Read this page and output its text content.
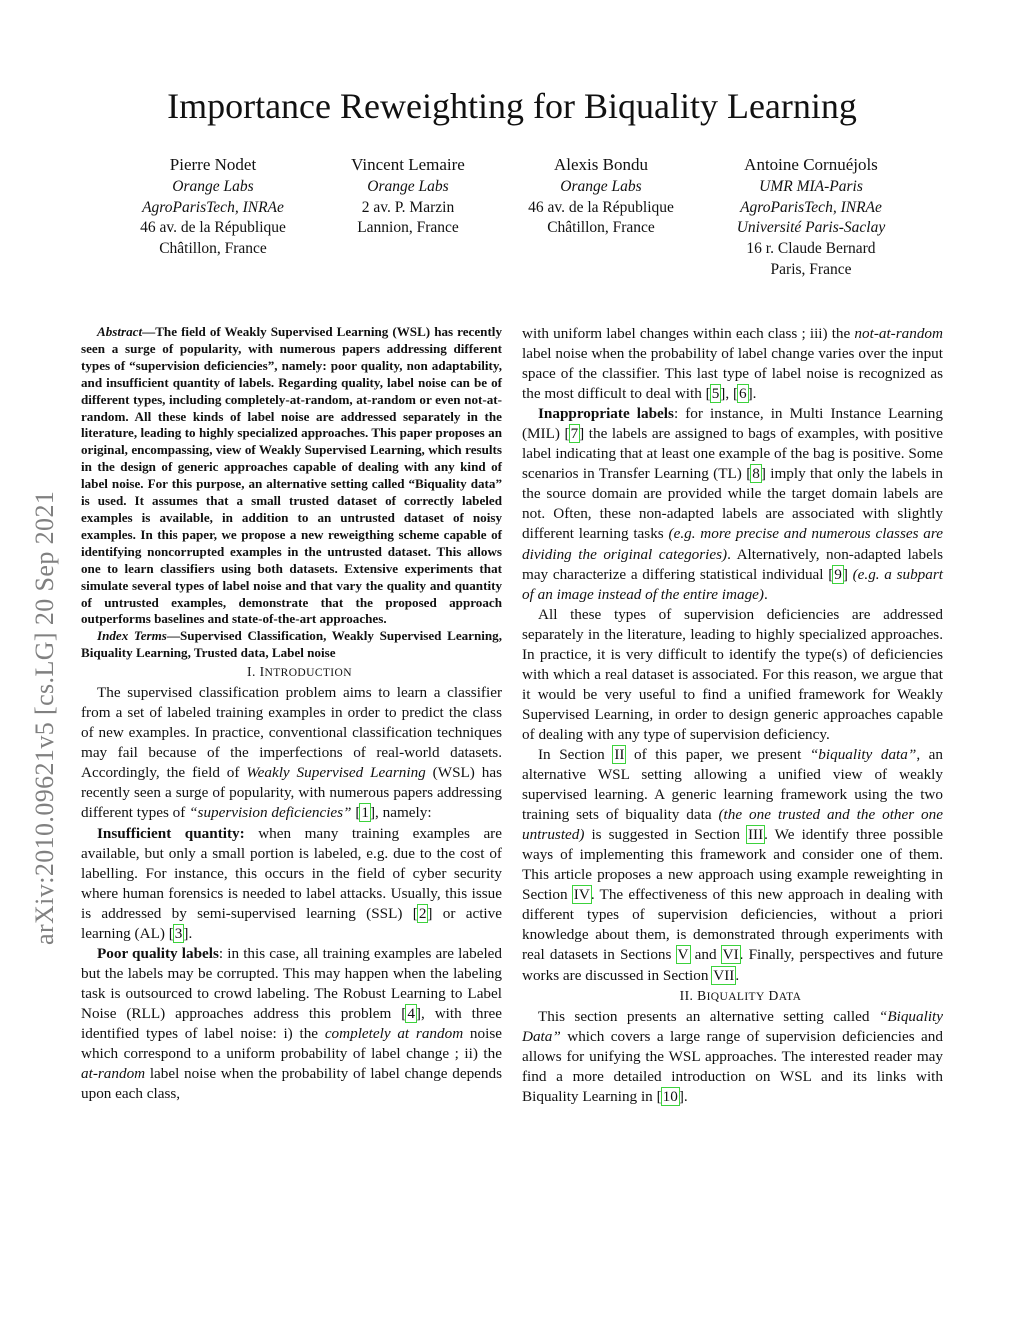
arXiv:2010.09621v5 [cs.LG] 20 Sep 2021
Importance Reweighting for Biquality Learning
Pierre Nodet
Orange Labs
AgroParisTech, INRAe
46 av. de la République
Châtillon, France
Vincent Lemaire
Orange Labs
2 av. P. Marzin
Lannion, France
Alexis Bondu
Orange Labs
46 av. de la République
Châtillon, France
Antoine Cornuéjols
UMR MIA-Paris
AgroParisTech, INRAe
Université Paris-Saclay
16 r. Claude Bernard
Paris, France

Abstract—The field of Weakly Supervised Learning (WSL) has recently seen a surge of popularity, with numerous papers addressing different types of “supervision deficiencies”, namely: poor quality, non adaptability, and insufficient quantity of labels. Regarding quality, label noise can be of different types, including completely-at-random, at-random or even not-at-random. All these kinds of label noise are addressed separately in the literature, leading to highly specialized approaches. This paper proposes an original, encompassing, view of Weakly Supervised Learning, which results in the design of generic approaches capable of dealing with any kind of label noise. For this purpose, an alternative setting called “Biquality data” is used. It assumes that a small trusted dataset of correctly labeled examples is available, in addition to an untrusted dataset of noisy examples. In this paper, we propose a new reweigthing scheme capable of identifying noncorrupted examples in the untrusted dataset. This allows one to learn classifiers using both datasets. Extensive experiments that simulate several types of label noise and that vary the quality and quantity of untrusted examples, demonstrate that the proposed approach outperforms baselines and state-of-the-art approaches.

Index Terms—Supervised Classification, Weakly Supervised Learning, Biquality Learning, Trusted data, Label noise

I. INTRODUCTION

The supervised classification problem aims to learn a classifier from a set of labeled training examples in order to predict the class of new examples. In practice, conventional classification techniques may fail because of the imperfections of real-world datasets. Accordingly, the field of Weakly Supervised Learning (WSL) has recently seen a surge of popularity, with numerous papers addressing different types of “supervision deficiencies” [1], namely:

Insufficient quantity: when many training examples are available, but only a small portion is labeled, e.g. due to the cost of labelling. For instance, this occurs in the field of cyber security where human forensics is needed to label attacks. Usually, this issue is addressed by semi-supervised learning (SSL) [2] or active learning (AL) [3].

Poor quality labels: in this case, all training examples are labeled but the labels may be corrupted. This may happen when the labeling task is outsourced to crowd labeling. The Robust Learning to Label Noise (RLL) approaches address this problem [4], with three identified types of label noise: i) the completely at random noise which correspond to a uniform probability of label change ; ii) the at-random label noise when the probability of label change depends upon each class,

with uniform label changes within each class ; iii) the not-at-random label noise when the probability of label change varies over the input space of the classifier. This last type of label noise is recognized as the most difficult to deal with [5], [6].

Inappropriate labels: for instance, in Multi Instance Learning (MIL) [7] the labels are assigned to bags of examples, with positive label indicating that at least one example of the bag is positive. Some scenarios in Transfer Learning (TL) [8] imply that only the labels in the source domain are provided while the target domain labels are not. Often, these non-adapted labels are associated with slightly different learning tasks (e.g. more precise and numerous classes are dividing the original categories). Alternatively, non-adapted labels may characterize a differing statistical individual [9] (e.g. a subpart of an image instead of the entire image).

All these types of supervision deficiencies are addressed separately in the literature, leading to highly specialized approaches. In practice, it is very difficult to identify the type(s) of deficiencies with which a real dataset is associated. For this reason, we argue that it would be very useful to find a unified framework for Weakly Supervised Learning, in order to design generic approaches capable of dealing with any type of supervision deficiency.

In Section II of this paper, we present “biquality data”, an alternative WSL setting allowing a unified view of weakly supervised learning. A generic learning framework using the two training sets of biquality data (the one trusted and the other one untrusted) is suggested in Section III. We identify three possible ways of implementing this framework and consider one of them. This article proposes a new approach using example reweighting in Section IV. The effectiveness of this new approach in dealing with different types of supervision deficiencies, without a priori knowledge about them, is demonstrated through experiments with real datasets in Sections V and VI. Finally, perspectives and future works are discussed in Section VII.

II. BIQUALITY DATA

This section presents an alternative setting called “Biquality Data” which covers a large range of supervision deficiencies and allows for unifying the WSL approaches. The interested reader may find a more detailed introduction on WSL and its links with Biquality Learning in [10].
